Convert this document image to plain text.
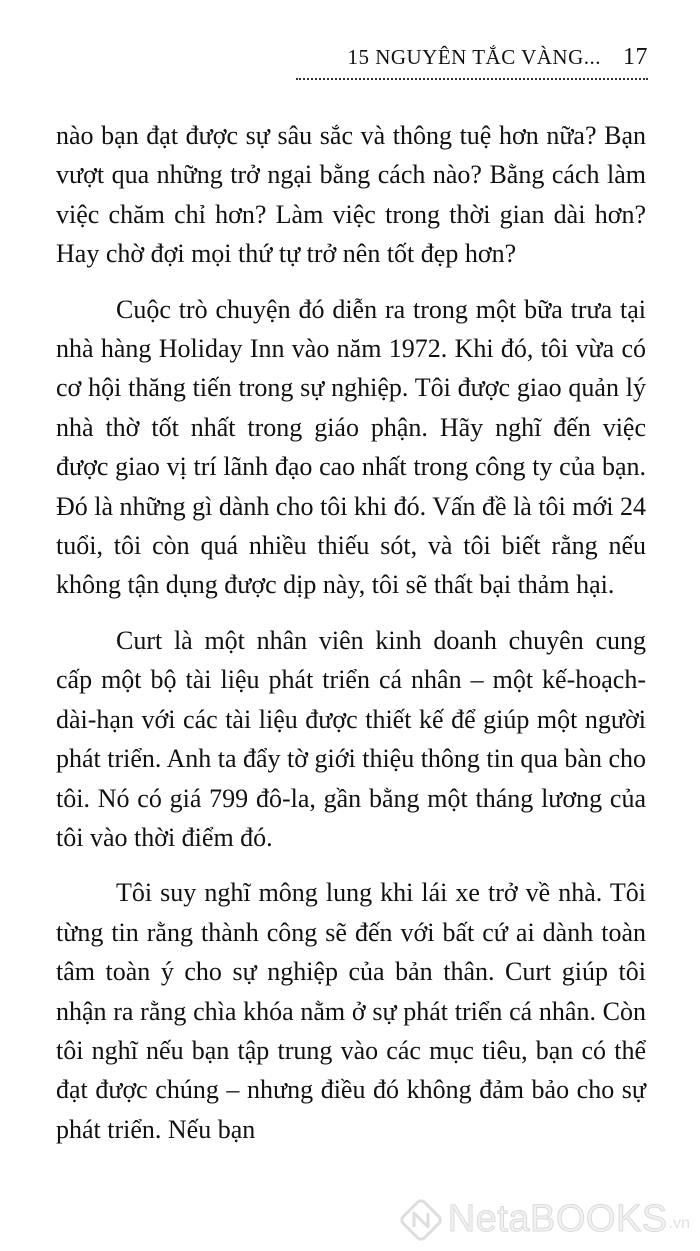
15 NGUYÊN TẮC VÀNG... 17

nào bạn đạt được sự sâu sắc và thông tuệ hơn nữa? Bạn vượt qua những trở ngại bằng cách nào? Bằng cách làm việc chăm chỉ hơn? Làm việc trong thời gian dài hơn? Hay chờ đợi mọi thứ tự trở nên tốt đẹp hơn?

Cuộc trò chuyện đó diễn ra trong một bữa trưa tại nhà hàng Holiday Inn vào năm 1972. Khi đó, tôi vừa có cơ hội thăng tiến trong sự nghiệp. Tôi được giao quản lý nhà thờ tốt nhất trong giáo phận. Hãy nghĩ đến việc được giao vị trí lãnh đạo cao nhất trong công ty của bạn. Đó là những gì dành cho tôi khi đó. Vấn đề là tôi mới 24 tuổi, tôi còn quá nhiều thiếu sót, và tôi biết rằng nếu không tận dụng được dịp này, tôi sẽ thất bại thảm hại.

Curt là một nhân viên kinh doanh chuyên cung cấp một bộ tài liệu phát triển cá nhân – một kế-hoạch-dài-hạn với các tài liệu được thiết kế để giúp một người phát triển. Anh ta đẩy tờ giới thiệu thông tin qua bàn cho tôi. Nó có giá 799 đô-la, gần bằng một tháng lương của tôi vào thời điểm đó.

Tôi suy nghĩ mông lung khi lái xe trở về nhà. Tôi từng tin rằng thành công sẽ đến với bất cứ ai dành toàn tâm toàn ý cho sự nghiệp của bản thân. Curt giúp tôi nhận ra rằng chìa khóa nằm ở sự phát triển cá nhân. Còn tôi nghĩ nếu bạn tập trung vào các mục tiêu, bạn có thể đạt được chúng – nhưng điều đó không đảm bảo cho sự phát triển. Nếu bạn

NetaBOOKS .vn
